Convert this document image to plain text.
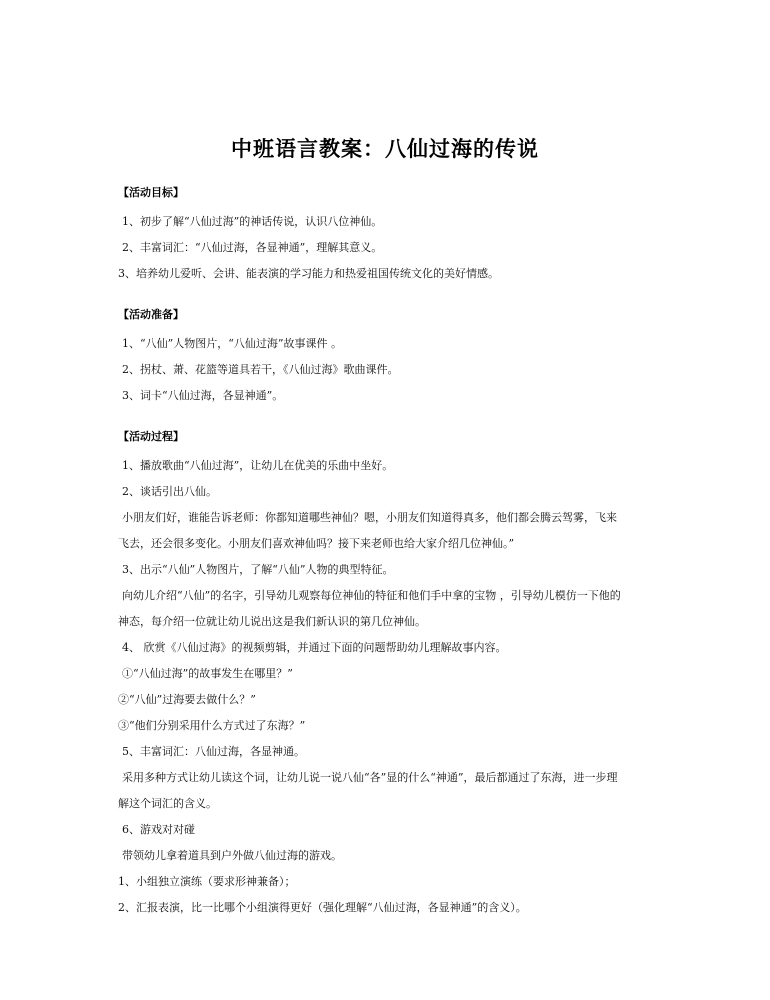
中班语言教案：八仙过海的传说
【活动目标】
1、初步了解“八仙过海”的神话传说，认识八位神仙。
2、丰富词汇：“八仙过海，各显神通”，理解其意义。
3、培养幼儿爱听、会讲、能表演的学习能力和热爱祖国传统文化的美好情感。
【活动准备】
1、“八仙”人物图片，“八仙过海”故事课件 。
2、拐杖、萧、花篮等道具若干，《八仙过海》歌曲课件。
3、词卡“八仙过海，各显神通”。
【活动过程】
1、播放歌曲“八仙过海”，让幼儿在优美的乐曲中坐好。
2、谈话引出八仙。
小朋友们好，谁能告诉老师：你都知道哪些神仙？嗯，小朋友们知道得真多，他们都会腾云驾雾，飞来
飞去，还会很多变化。小朋友们喜欢神仙吗？接下来老师也给大家介绍几位神仙。”
3、出示“八仙”人物图片，了解“八仙”人物的典型特征。
向幼儿介绍“八仙”的名字，引导幼儿观察每位神仙的特征和他们手中拿的宝物 ，引导幼儿模仿一下他的
神态，每介绍一位就让幼儿说出这是我们新认识的第几位神仙。
4、 欣赏《八仙过海》的视频剪辑，并通过下面的问题帮助幼儿理解故事内容。
①“八仙过海”的故事发生在哪里？”
②“八仙”过海要去做什么？”
③“他们分别采用什么方式过了东海？”
5、丰富词汇：八仙过海，各显神通。
采用多种方式让幼儿读这个词，让幼儿说一说八仙“各”显的什么“神通”，最后都通过了东海，进一步理
解这个词汇的含义。
6、游戏对对碰
带领幼儿拿着道具到户外做八仙过海的游戏。
1、小组独立演练（要求形神兼备）；
2、汇报表演，比一比哪个小组演得更好（强化理解“八仙过海，各显神通”的含义）。
